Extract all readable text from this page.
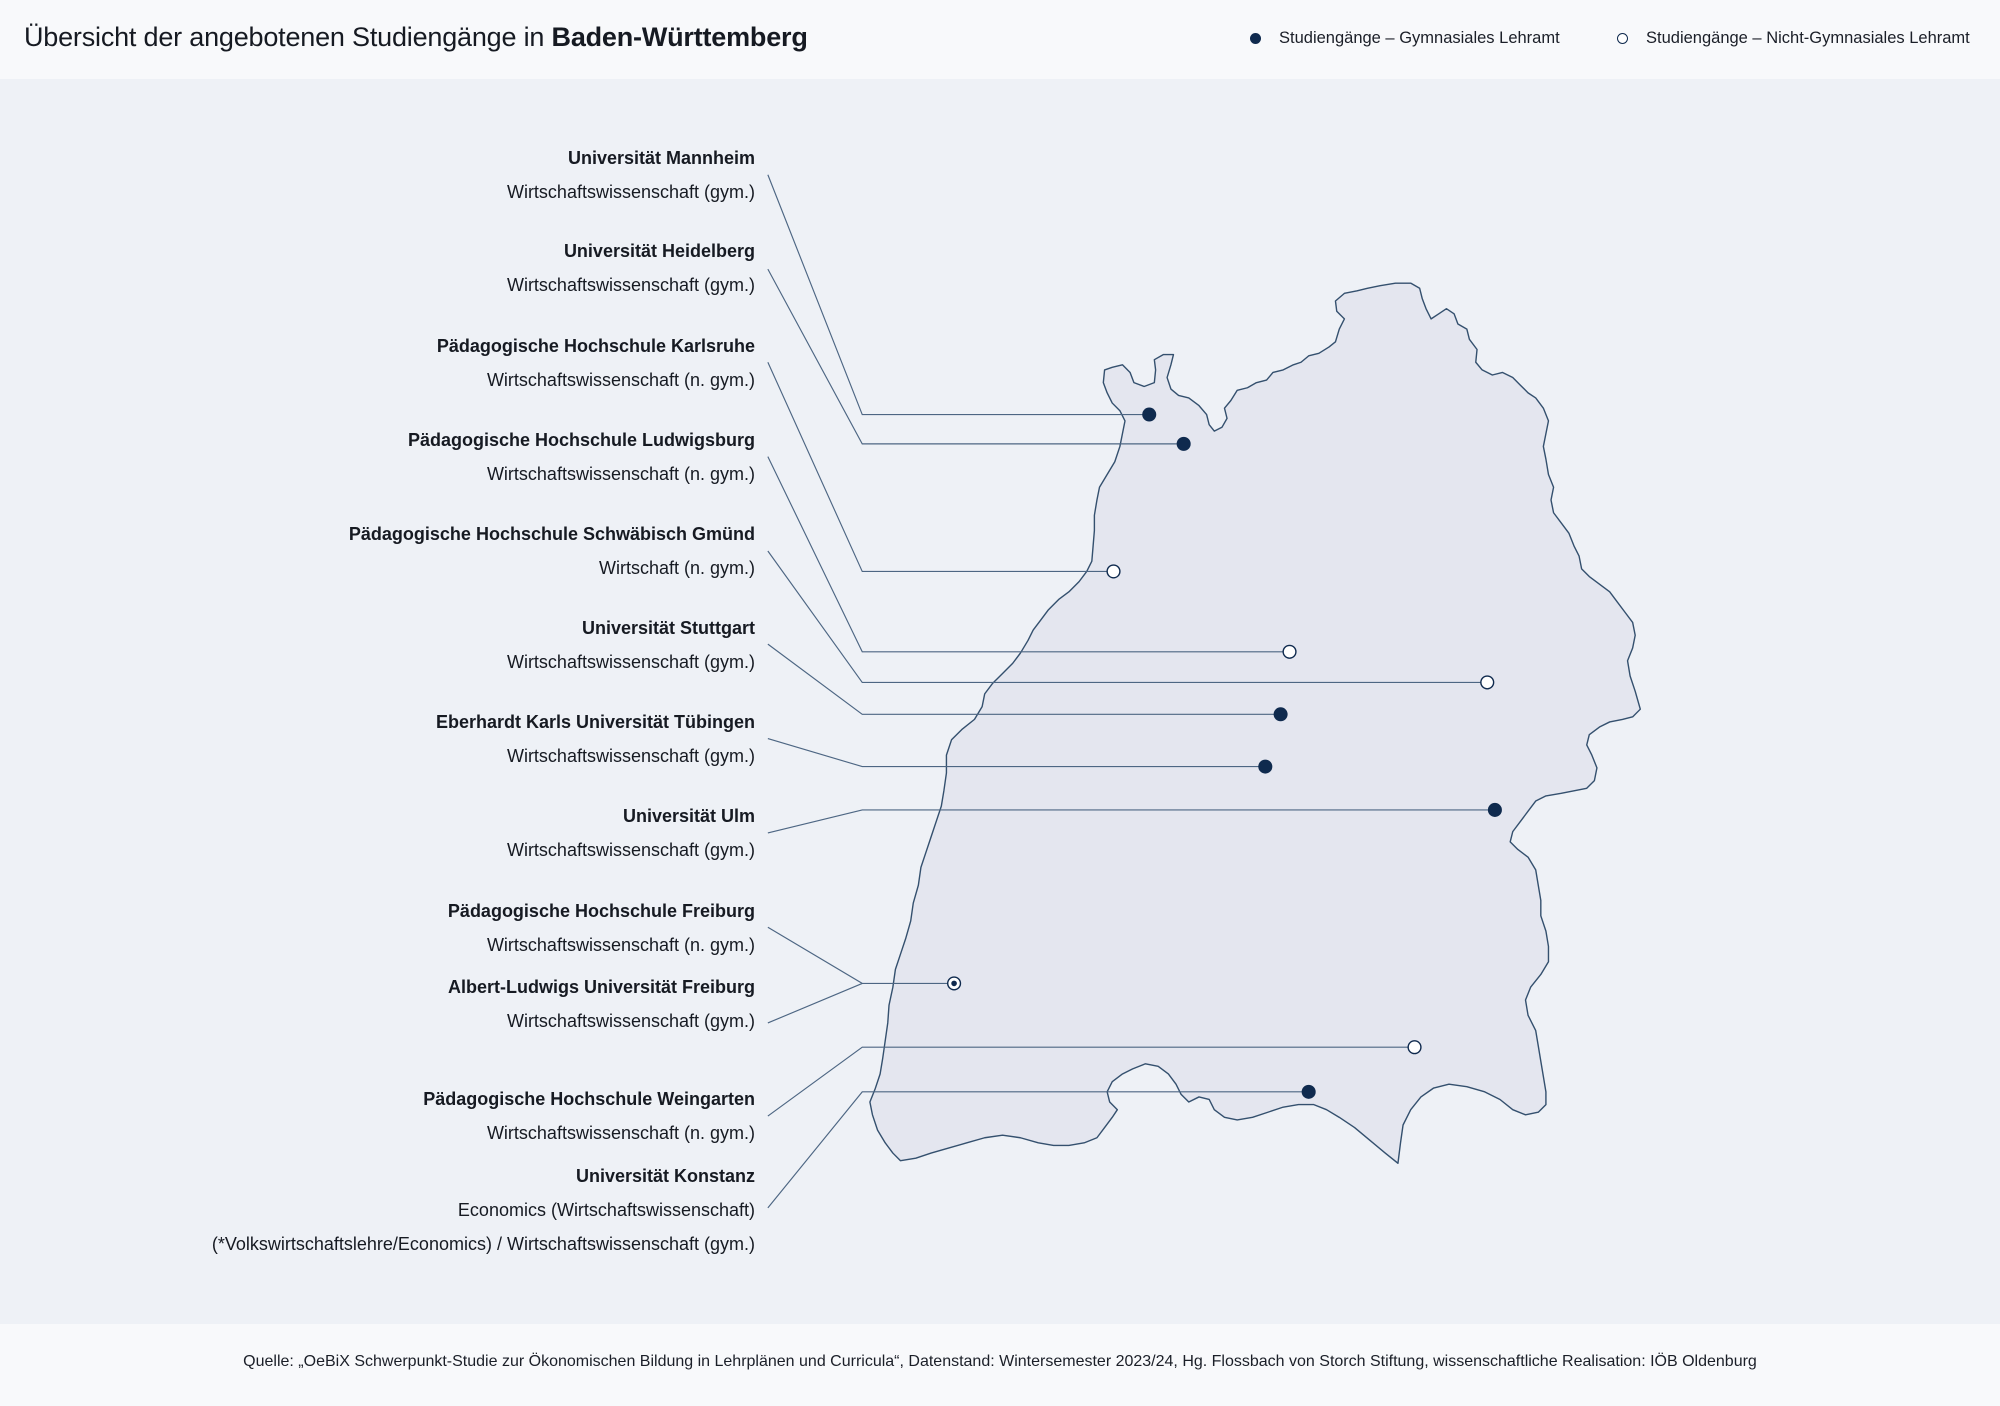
Übersicht der angebotenen Studiengänge in Baden-Württemberg	Studiengänge – Gymnasiales Lehramt	Studiengänge – Nicht-Gymnasiales Lehramt
Quelle: „OeBiX Schwerpunkt-Studie zur Ökonomischen Bildung in Lehrplänen und Curricula“, Datenstand: Wintersemester 2023/24, Hg. Flossbach von Storch Stiftung, wissenschaftliche Realisation: IÖB Oldenburg
Universität Mannheim
Wirtschaftswissenschaft (gym.)
Universität Heidelberg
Wirtschaftswissenschaft (gym.)
Pädagogische Hochschule Karlsruhe
Wirtschaftswissenschaft (n. gym.)
Pädagogische Hochschule Ludwigsburg
Wirtschaftswissenschaft (n. gym.)
Pädagogische Hochschule Schwäbisch Gmünd
Wirtschaft (n. gym.)
Universität Stuttgart
Wirtschaftswissenschaft (gym.)
Eberhardt Karls Universität Tübingen
Wirtschaftswissenschaft (gym.)
Universität Ulm
Wirtschaftswissenschaft (gym.)
Pädagogische Hochschule Freiburg
Wirtschaftswissenschaft (n. gym.)
Albert-Ludwigs Universität Freiburg
Wirtschaftswissenschaft (gym.)
Pädagogische Hochschule Weingarten
Wirtschaftswissenschaft (n. gym.)
Universität Konstanz
Economics (Wirtschaftswissenschaft)
(*Volkswirtschaftslehre/Economics) / Wirtschaftswissenschaft (gym.)
